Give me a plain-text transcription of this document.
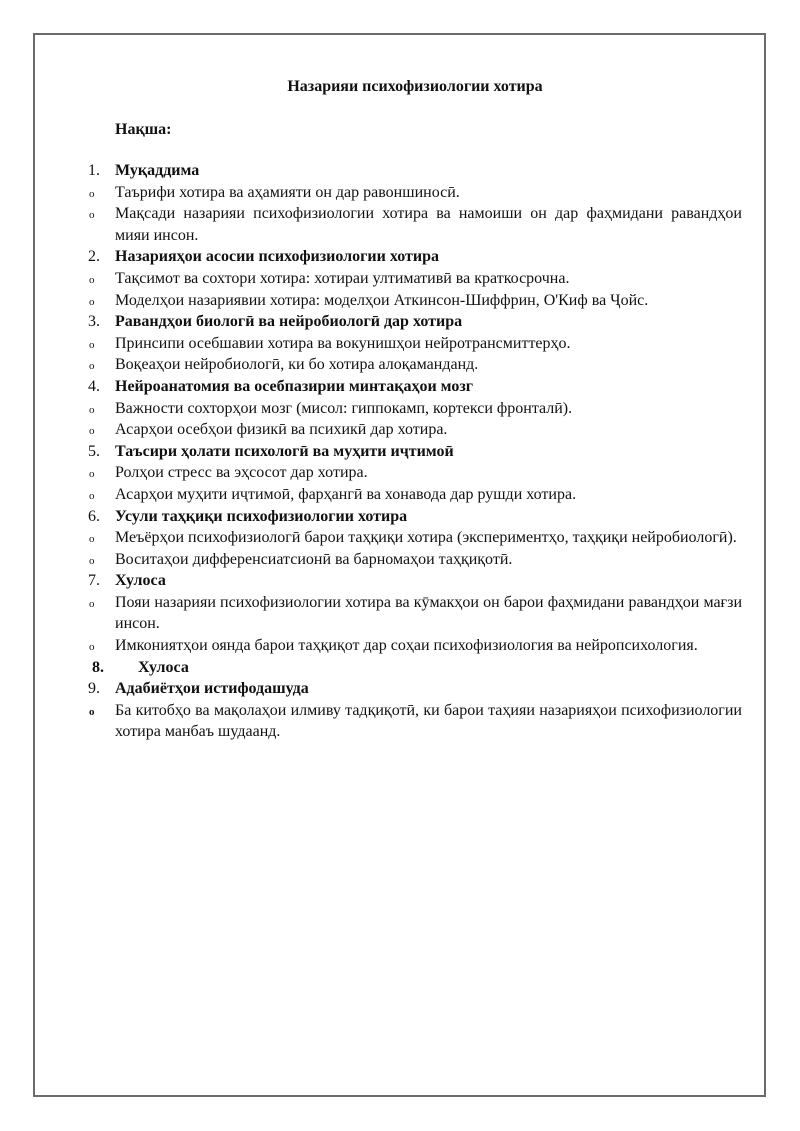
Назарияи психофизиологии хотира
Нақша:
1. Муқаддима
o Таърифи хотира ва аҳамияти он дар равоншиносӣ.
o Мақсади назарияи психофизиологии хотира ва намоиши он дар фаҳмидани равандҳои мияи инсон.
2. Назарияҳои асосии психофизиологии хотира
o Тақсимот ва сохтори хотира: хотираи ултимативӣ ва краткосрочна.
o Моделҳои назариявии хотира: моделҳои Аткинсон-Шиффрин, О'Киф ва Ҷойс.
3. Равандҳои биологӣ ва нейробиологӣ дар хотира
o Принсипи осебшавии хотира ва вокунишҳои нейротрансмиттерҳо.
o Воқеаҳои нейробиологӣ, ки бо хотира алоқаманданд.
4. Нейроанатомия ва осебпазирии минтақаҳои мозг
o Важности сохторҳои мозг (мисол: гиппокамп, кортекси фронталӣ).
o Асарҳои осебҳои физикӣ ва психикӣ дар хотира.
5. Таъсири ҳолати психологӣ ва муҳити иҷтимоӣ
o Ролҳои стресс ва эҳсосот дар хотира.
o Асарҳои муҳити иҷтимоӣ, фарҳангӣ ва хонавода дар рушди хотира.
6. Усули таҳқиқи психофизиологии хотира
o Меъёрҳои психофизиологӣ барои таҳқиқи хотира (экспериментҳо, таҳқиқи нейробиологӣ).
o Воситаҳои дифференсиатсионӣ ва барномаҳои таҳқиқотӣ.
7. Хулоса
o Пояи назарияи психофизиологии хотира ва кӯмакҳои он барои фаҳмидани равандҳои мағзи инсон.
o Имкониятҳои оянда барои таҳқиқот дар соҳаи психофизиология ва нейропсихология.
8. Хулоса
9. Адабиётҳои истифодашуда
o Ба китобҳо ва мақолаҳои илмиву тадқиқотӣ, ки барои таҳияи назарияҳои психофизиологии хотира манбаъ шудаанд.
